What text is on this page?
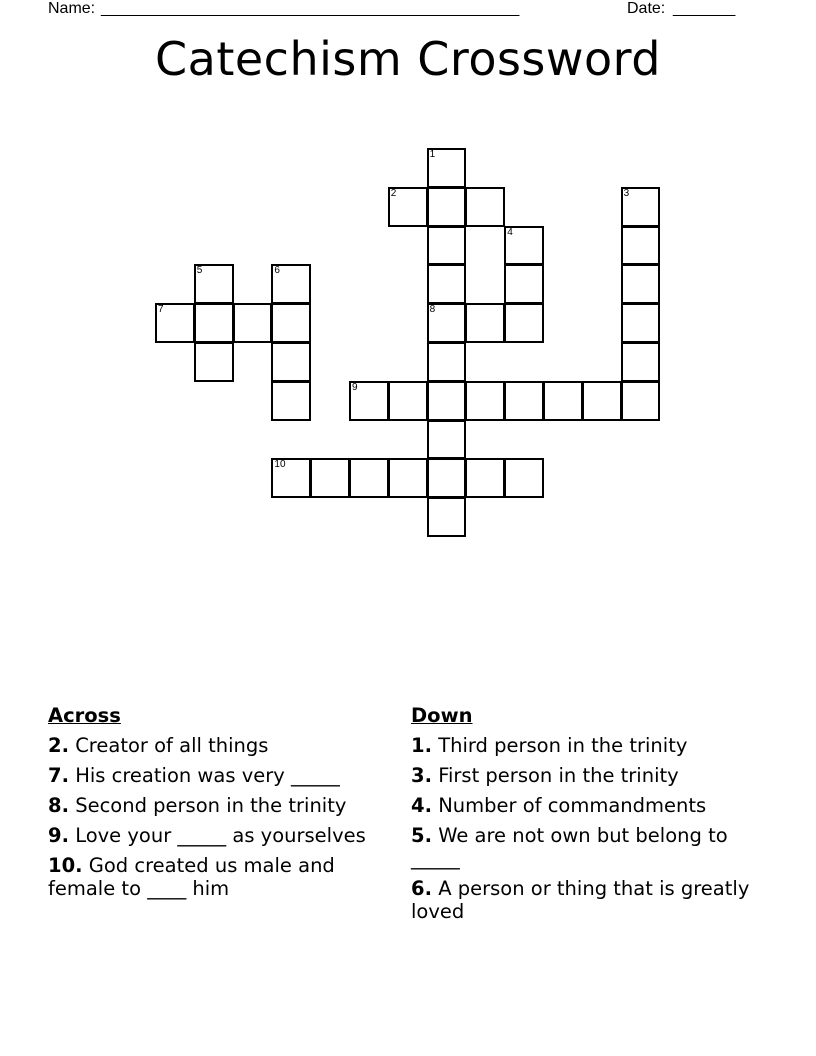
Name: _______________________________________________	Date: _______
Catechism Crossword
1
8
2	3
4
5	6
7
9
10
Across
2. Creator of all things
7. His creation was very _____
8. Second person in the trinity
9. Love your _____ as yourselves
10. God created us male and female to ____ him
Down
1. Third person in the trinity
3. First person in the trinity
4. Number of commandments
5. We are not own but belong to _____
6. A person or thing that is greatly loved
